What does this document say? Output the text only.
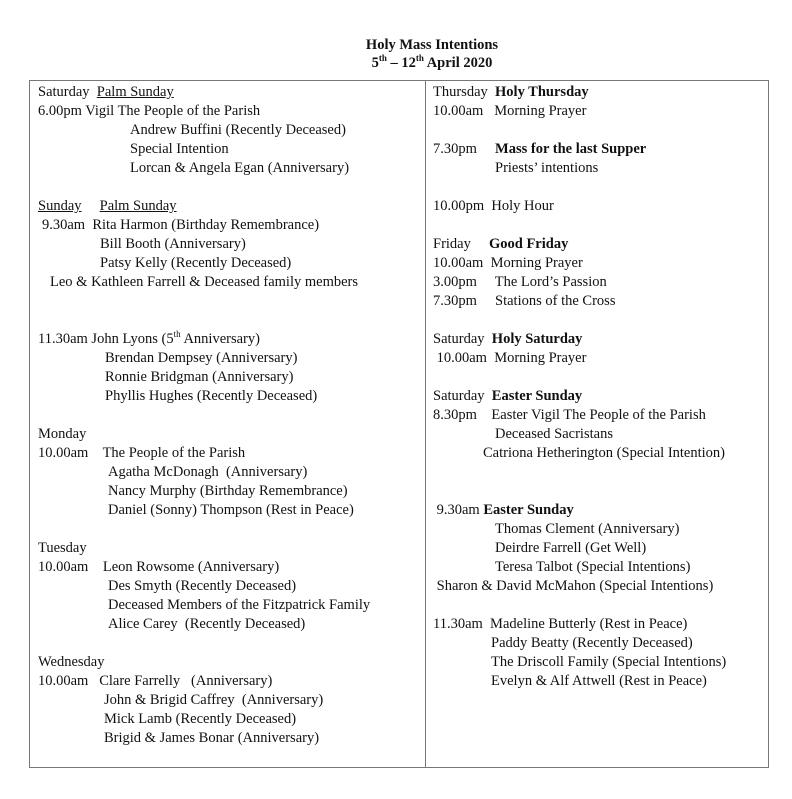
Holy Mass Intentions
5th – 12th April 2020
Saturday Palm Sunday
6.00pm Vigil The People of the Parish
Andrew Buffini (Recently Deceased)
Special Intention
Lorcan & Angela Egan (Anniversary)
Sunday Palm Sunday
9.30am  Rita Harmon (Birthday Remembrance)
Bill Booth (Anniversary)
Patsy Kelly (Recently Deceased)
Leo & Kathleen Farrell & Deceased family members
11.30am John Lyons (5th Anniversary)
Brendan Dempsey (Anniversary)
Ronnie Bridgman (Anniversary)
Phyllis Hughes (Recently Deceased)
Monday
10.00am    The People of the Parish
Agatha McDonagh  (Anniversary)
Nancy Murphy (Birthday Remembrance)
Daniel (Sonny) Thompson (Rest in Peace)
Tuesday
10.00am    Leon Rowsome (Anniversary)
Des Smyth (Recently Deceased)
Deceased Members of the Fitzpatrick Family
Alice Carey  (Recently Deceased)
Wednesday
10.00am   Clare Farrelly   (Anniversary)
John & Brigid Caffrey  (Anniversary)
Mick Lamb (Recently Deceased)
Brigid & James Bonar (Anniversary)
Thursday Holy Thursday
10.00am   Morning Prayer
7.30pm Mass for the last Supper
Priests’ intentions
10.00pm  Holy Hour
Friday Good Friday
10.00am  Morning Prayer
3.00pm     The Lord’s Passion
7.30pm     Stations of the Cross
Saturday Holy Saturday
10.00am  Morning Prayer
Saturday Easter Sunday
8.30pm    Easter Vigil The People of the Parish
Deceased Sacristans
Catriona Hetherington (Special Intention)
9.30am Easter Sunday
Thomas Clement (Anniversary)
Deirdre Farrell (Get Well)
Teresa Talbot (Special Intentions)
Sharon & David McMahon (Special Intentions)
11.30am  Madeline Butterly (Rest in Peace)
Paddy Beatty (Recently Deceased)
The Driscoll Family (Special Intentions)
Evelyn & Alf Attwell (Rest in Peace)
